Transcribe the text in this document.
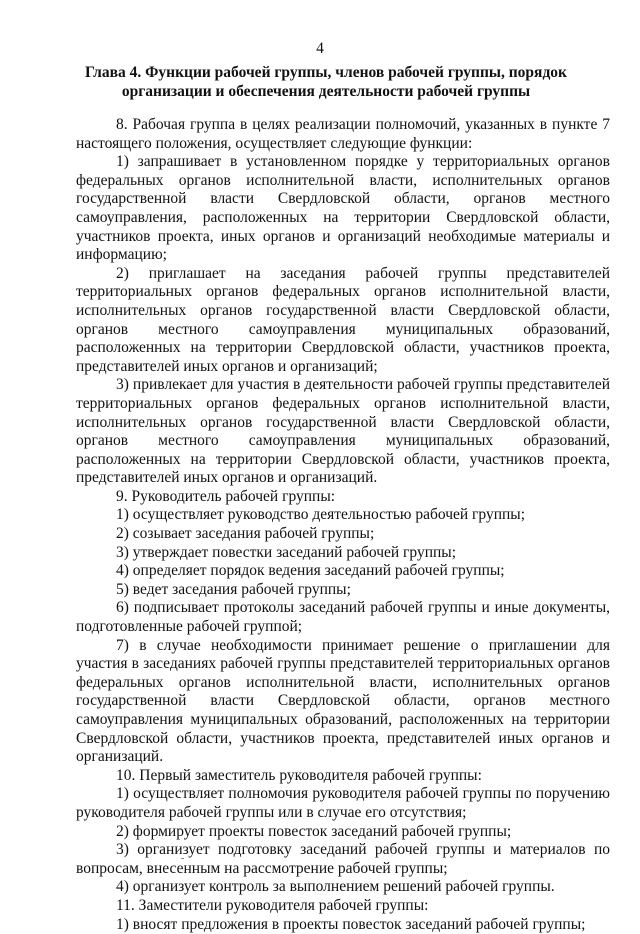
4
Глава 4. Функции рабочей группы, членов рабочей группы, порядок организации и обеспечения деятельности рабочей группы

8. Рабочая группа в целях реализации полномочий, указанных в пункте 7 настоящего положения, осуществляет следующие функции:

1) запрашивает в установленном порядке у территориальных органов федеральных органов исполнительной власти, исполнительных органов государственной власти Свердловской области, органов местного самоуправления, расположенных на территории Свердловской области, участников проекта, иных органов и организаций необходимые материалы и информацию;

2) приглашает на заседания рабочей группы представителей территориальных органов федеральных органов исполнительной власти, исполнительных органов государственной власти Свердловской области, органов местного самоуправления муниципальных образований, расположенных на территории Свердловской области, участников проекта, представителей иных органов и организаций;

3) привлекает для участия в деятельности рабочей группы представителей территориальных органов федеральных органов исполнительной власти, исполнительных органов государственной власти Свердловской области, органов местного самоуправления муниципальных образований, расположенных на территории Свердловской области, участников проекта, представителей иных органов и организаций.

9. Руководитель рабочей группы:

1) осуществляет руководство деятельностью рабочей группы;

2) созывает заседания рабочей группы;

3) утверждает повестки заседаний рабочей группы;

4) определяет порядок ведения заседаний рабочей группы;

5) ведет заседания рабочей группы;

6) подписывает протоколы заседаний рабочей группы и иные документы, подготовленные рабочей группой;

7) в случае необходимости принимает решение о приглашении для участия в заседаниях рабочей группы представителей территориальных органов федеральных органов исполнительной власти, исполнительных органов государственной власти Свердловской области, органов местного самоуправления муниципальных образований, расположенных на территории Свердловской области, участников проекта, представителей иных органов и организаций.

10. Первый заместитель руководителя рабочей группы:

1) осуществляет полномочия руководителя рабочей группы по поручению руководителя рабочей группы или в случае его отсутствия;

2) формирует проекты повесток заседаний рабочей группы;

3) организует подготовку заседаний рабочей группы и материалов по вопросам, внесенным на рассмотрение рабочей группы;

4) организует контроль за выполнением решений рабочей группы.

11. Заместители руководителя рабочей группы:

1) вносят предложения в проекты повесток заседаний рабочей группы;
